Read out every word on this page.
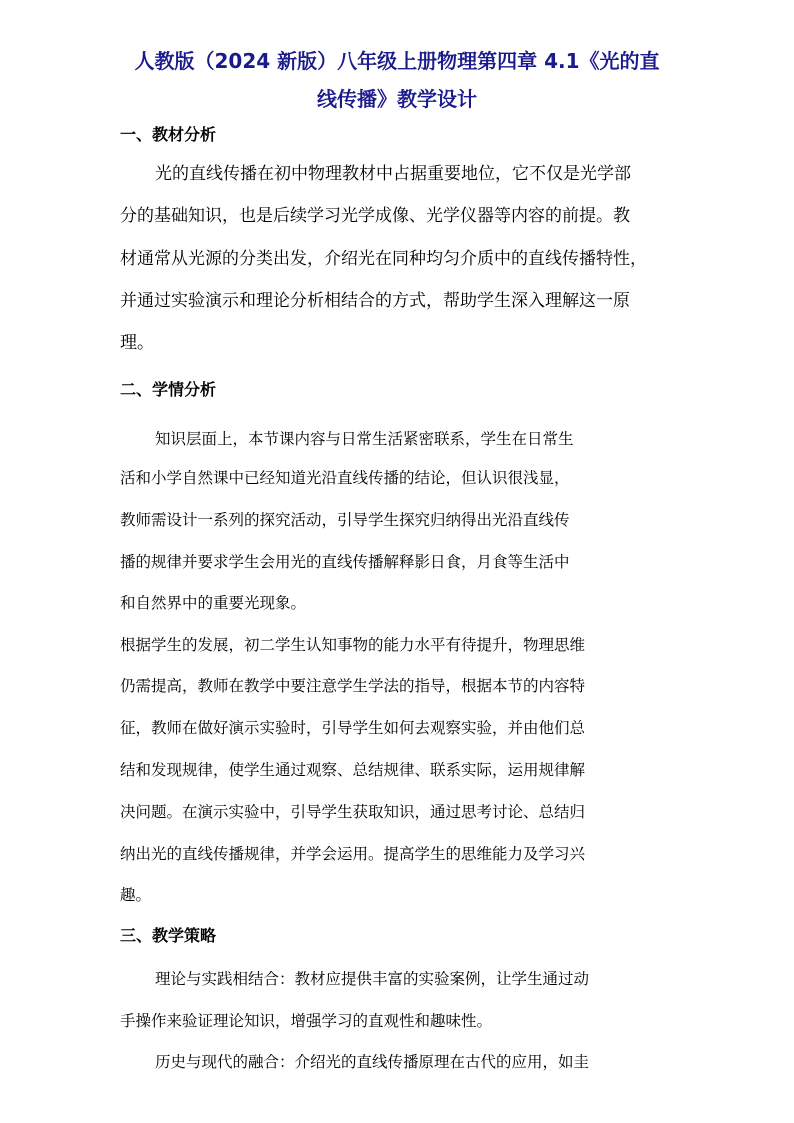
人教版（2024 新版）八年级上册物理第四章 4.1《光的直
线传播》教学设计
一、教材分析
光的直线传播在初中物理教材中占据重要地位，它不仅是光学部
分的基础知识，也是后续学习光学成像、光学仪器等内容的前提。教
材通常从光源的分类出发，介绍光在同种均匀介质中的直线传播特性，
并通过实验演示和理论分析相结合的方式，帮助学生深入理解这一原
理。
二、学情分析
知识层面上，本节课内容与日常生活紧密联系，学生在日常生
活和小学自然课中已经知道光沿直线传播的结论，但认识很浅显，
教师需设计一系列的探究活动，引导学生探究归纳得出光沿直线传
播的规律并要求学生会用光的直线传播解释影日食，月食等生活中
和自然界中的重要光现象。
根据学生的发展，初二学生认知事物的能力水平有待提升，物理思维
仍需提高，教师在教学中要注意学生学法的指导，根据本节的内容特
征，教师在做好演示实验时，引导学生如何去观察实验，并由他们总
结和发现规律，使学生通过观察、总结规律、联系实际，运用规律解
决问题。在演示实验中，引导学生获取知识，通过思考讨论、总结归
纳出光的直线传播规律，并学会运用。提高学生的思维能力及学习兴
趣。
三、教学策略
理论与实践相结合：教材应提供丰富的实验案例，让学生通过动
手操作来验证理论知识，增强学习的直观性和趣味性。
历史与现代的融合：介绍光的直线传播原理在古代的应用，如圭
